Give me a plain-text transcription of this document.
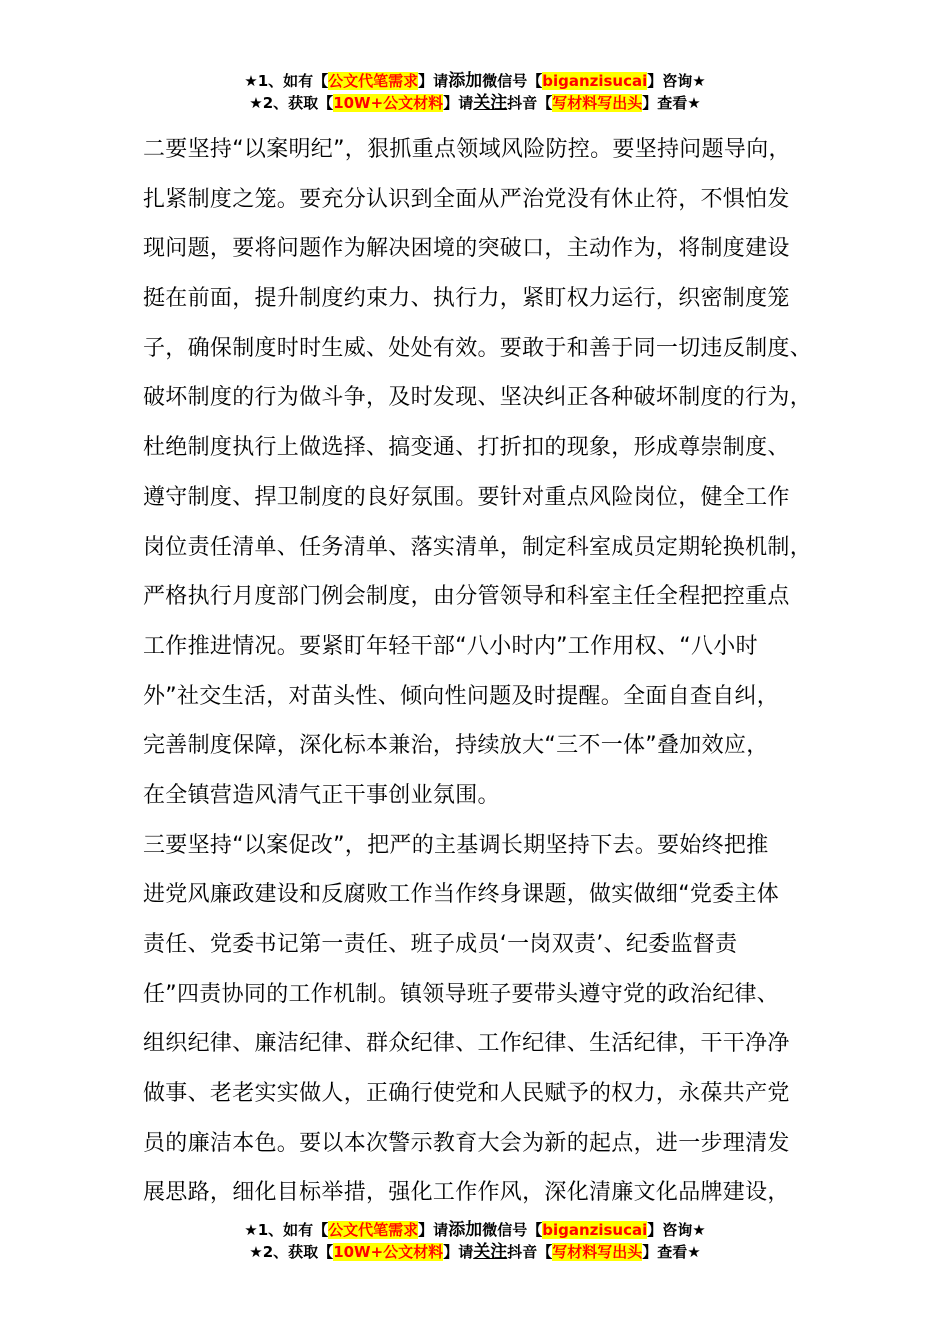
★1、如有【公文代笔需求】请添加微信号【biganzisucai】咨询★
★2、获取【10W+公文材料】请关注抖音【写材料写出头】查看★
二要坚持“以案明纪”，狠抓重点领域风险防控。要坚持问题导向，
扎紧制度之笼。要充分认识到全面从严治党没有休止符，不惧怕发
现问题，要将问题作为解决困境的突破口，主动作为，将制度建设
挺在前面，提升制度约束力、执行力，紧盯权力运行，织密制度笼
子，确保制度时时生威、处处有效。要敢于和善于同一切违反制度、
破坏制度的行为做斗争，及时发现、坚决纠正各种破坏制度的行为，
杜绝制度执行上做选择、搞变通、打折扣的现象，形成尊崇制度、
遵守制度、捍卫制度的良好氛围。要针对重点风险岗位，健全工作
岗位责任清单、任务清单、落实清单，制定科室成员定期轮换机制，
严格执行月度部门例会制度，由分管领导和科室主任全程把控重点
工作推进情况。要紧盯年轻干部“八小时内”工作用权、“八小时
外”社交生活，对苗头性、倾向性问题及时提醒。全面自查自纠，
完善制度保障，深化标本兼治，持续放大“三不一体”叠加效应，
在全镇营造风清气正干事创业氛围。
三要坚持“以案促改”，把严的主基调长期坚持下去。要始终把推
进党风廉政建设和反腐败工作当作终身课题，做实做细“党委主体
责任、党委书记第一责任、班子成员‘一岗双责’、纪委监督责
任”四责协同的工作机制。镇领导班子要带头遵守党的政治纪律、
组织纪律、廉洁纪律、群众纪律、工作纪律、生活纪律，干干净净
做事、老老实实做人，正确行使党和人民赋予的权力，永葆共产党
员的廉洁本色。要以本次警示教育大会为新的起点，进一步理清发
展思路，细化目标举措，强化工作作风，深化清廉文化品牌建设，
★1、如有【公文代笔需求】请添加微信号【biganzisucai】咨询★
★2、获取【10W+公文材料】请关注抖音【写材料写出头】查看★
